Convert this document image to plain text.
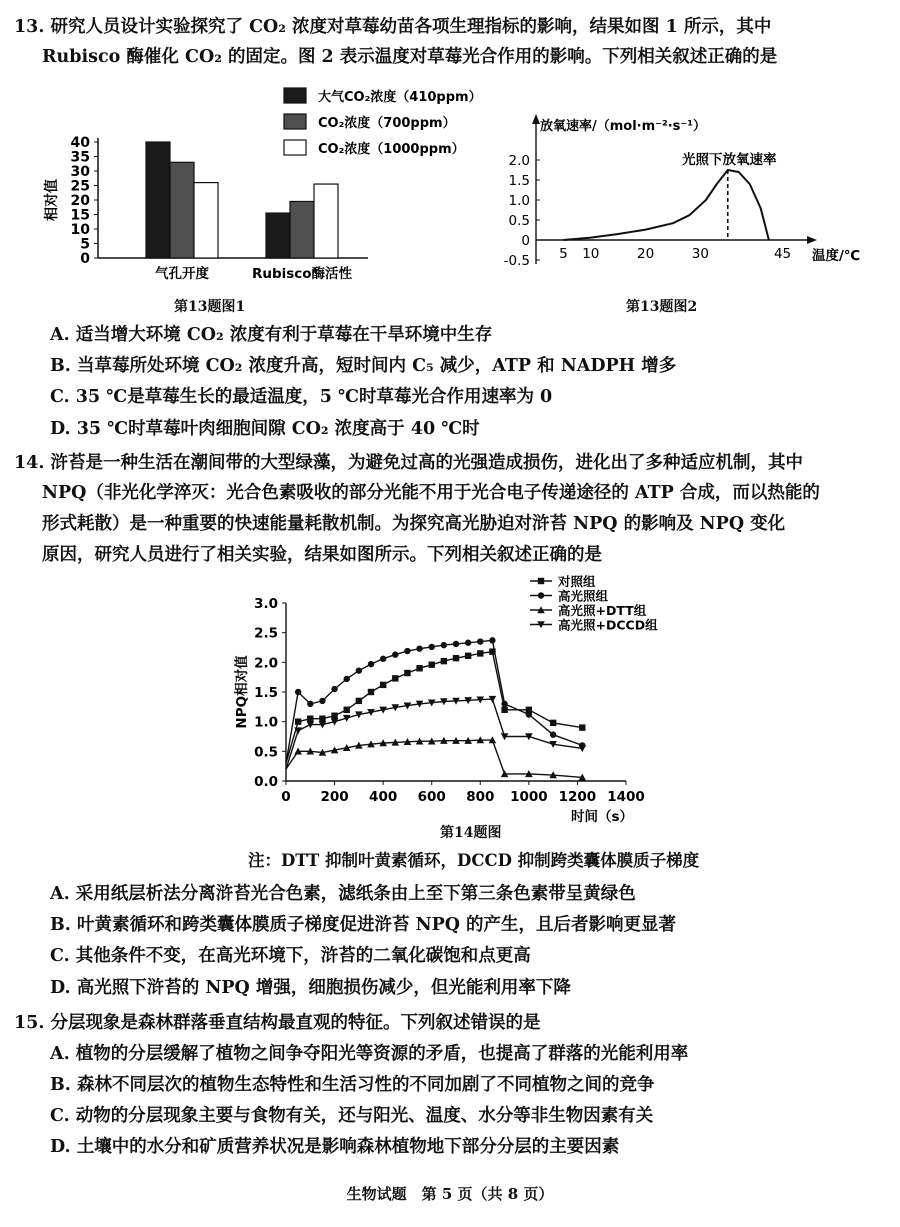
13. 研究人员设计实验探究了 CO₂ 浓度对草莓幼苗各项生理指标的影响，结果如图 1 所示，其中
Rubisco 酶催化 CO₂ 的固定。图 2 表示温度对草莓光合作用的影响。下列相关叙述正确的是
0
5
10
15
20
25
30
35
40
相对值
气孔开度	Rubisco酶活性
大气CO₂浓度（410ppm）
CO₂浓度（700ppm）
CO₂浓度（1000ppm）
第13题图1
-0.5
0
0.5
1.0
1.5
2.0
5 10	20	30	45
放氧速率/（mol·m⁻²·s⁻¹）
温度/℃
光照下放氧速率
第13题图2
A. 适当增大环境 CO₂ 浓度有利于草莓在干旱环境中生存
B. 当草莓所处环境 CO₂ 浓度升高，短时间内 C₅ 减少，ATP 和 NADPH 增多
C. 35 ℃是草莓生长的最适温度，5 ℃时草莓光合作用速率为 0
D. 35 ℃时草莓叶肉细胞间隙 CO₂ 浓度高于 40 ℃时
14. 浒苔是一种生活在潮间带的大型绿藻，为避免过高的光强造成损伤，进化出了多种适应机制，其中
NPQ（非光化学淬灭：光合色素吸收的部分光能不用于光合电子传递途径的 ATP 合成，而以热能的
形式耗散）是一种重要的快速能量耗散机制。为探究高光胁迫对浒苔 NPQ 的影响及 NPQ 变化
原因，研究人员进行了相关实验，结果如图所示。下列相关叙述正确的是
0.0
0.5
1.0
1.5
2.0
2.5
3.0
0 200 400 600 800 1000 1200 1400
NPQ相对值
时间（s）
对照组
高光照组
高光照+DTT组
高光照+DCCD组
第14题图
注：DTT 抑制叶黄素循环，DCCD 抑制跨类囊体膜质子梯度
A. 采用纸层析法分离浒苔光合色素，滤纸条由上至下第三条色素带呈黄绿色
B. 叶黄素循环和跨类囊体膜质子梯度促进浒苔 NPQ 的产生，且后者影响更显著
C. 其他条件不变，在高光环境下，浒苔的二氧化碳饱和点更高
D. 高光照下浒苔的 NPQ 增强，细胞损伤减少，但光能利用率下降
15. 分层现象是森林群落垂直结构最直观的特征。下列叙述错误的是
A. 植物的分层缓解了植物之间争夺阳光等资源的矛盾，也提高了群落的光能利用率
B. 森林不同层次的植物生态特性和生活习性的不同加剧了不同植物之间的竞争
C. 动物的分层现象主要与食物有关，还与阳光、温度、水分等非生物因素有关
D. 土壤中的水分和矿质营养状况是影响森林植物地下部分分层的主要因素
生物试题　第 5 页（共 8 页）
